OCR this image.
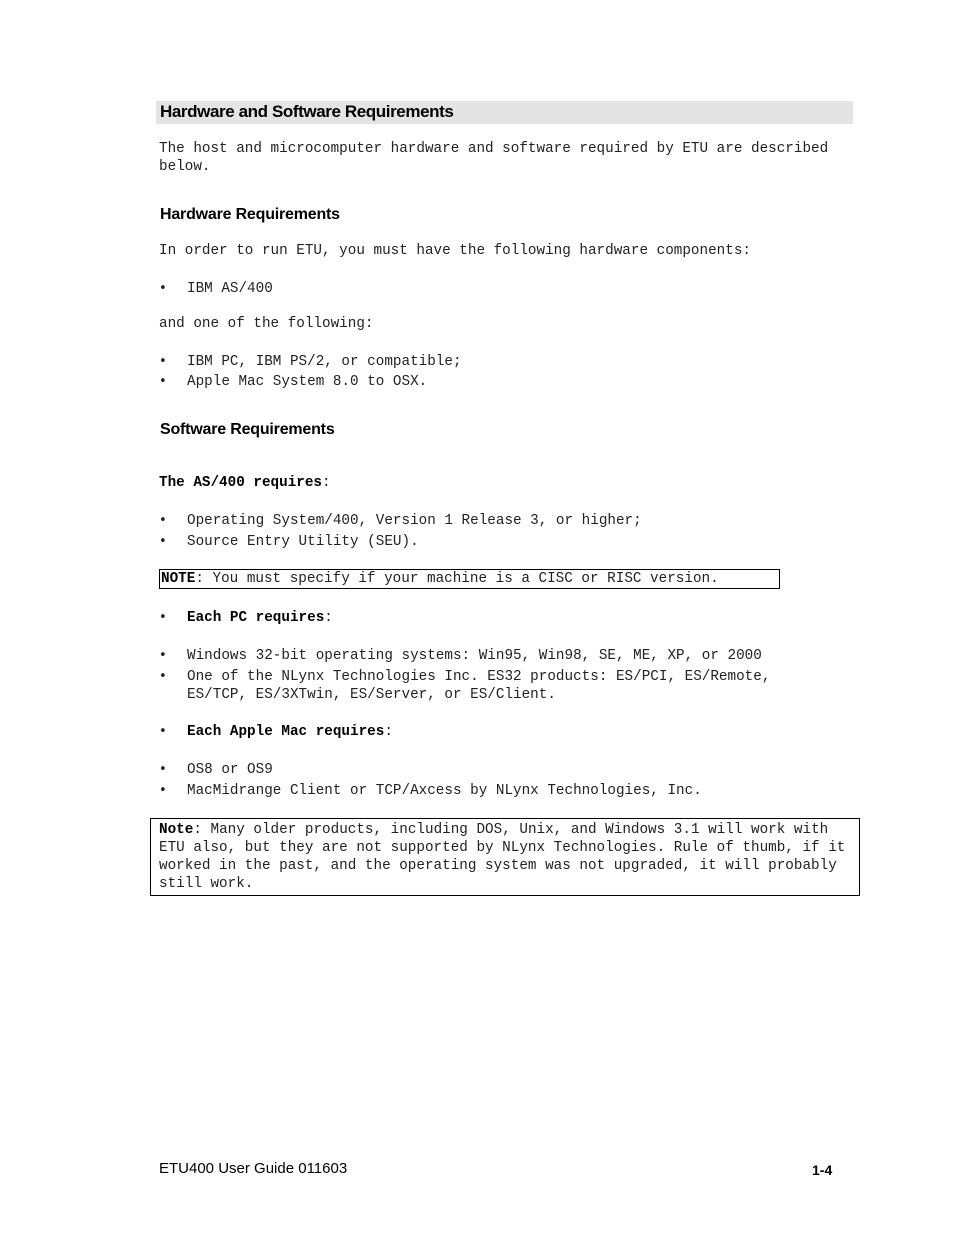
Hardware and Software Requirements

The host and microcomputer hardware and software required by ETU are described below.

Hardware Requirements

In order to run ETU, you must have the following hardware components:

•	IBM AS/400

and one of the following:

•	IBM PC, IBM PS/2, or compatible;
•	Apple Mac System 8.0 to OSX.
Software Requirements

The AS/400 requires:

•	Operating System/400, Version 1 Release 3, or higher;
•	Source Entry Utility (SEU).
NOTE: You must specify if your machine is a CISC or RISC version.
•	Each PC requires:
•	Windows 32-bit operating systems: Win95, Win98, SE, ME, XP, or 2000
•	One of the NLynx Technologies Inc. ES32 products: ES/PCI, ES/Remote, ES/TCP, ES/3XTwin, ES/Server, or ES/Client.
•	Each Apple Mac requires:
•	OS8 or OS9
•	MacMidrange Client or TCP/Axcess by NLynx Technologies, Inc.
Note: Many older products, including DOS, Unix, and Windows 3.1 will work with ETU also, but they are not supported by NLynx Technologies. Rule of thumb, if it worked in the past, and the operating system was not upgraded, it will probably still work.
ETU400 User Guide 011603	1-4
